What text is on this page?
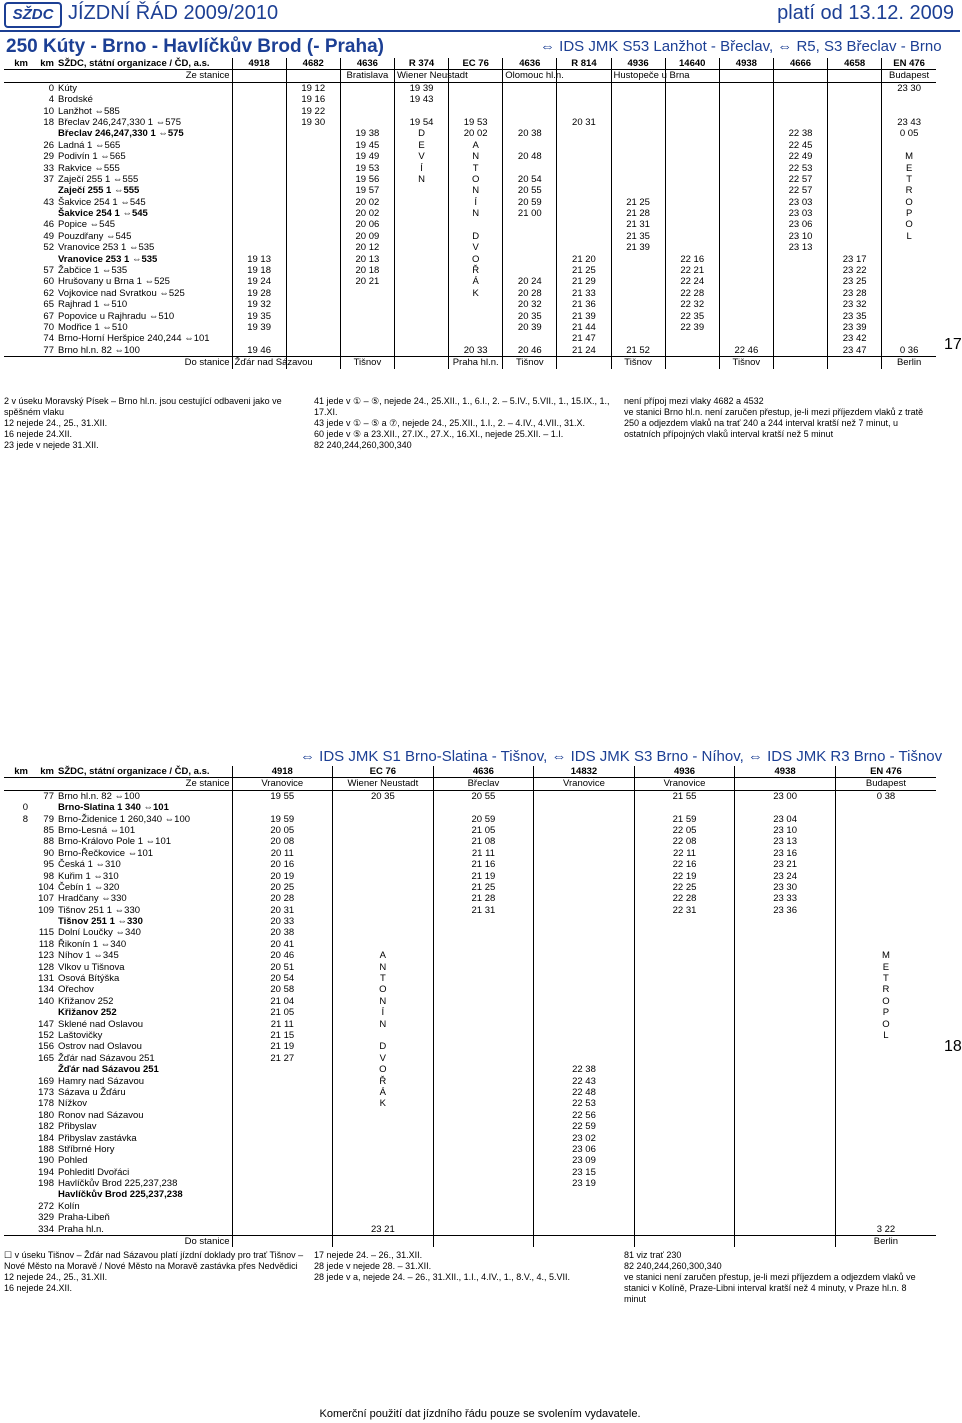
SŽDC JÍZDNÍ ŘÁD 2009/2010	platí od 13.12. 2009
250 Kúty - Brno - Havlíčkův Brod (- Praha)	⇔ IDS JMK S53 Lanžhot - Břeclav, ⇔ R5, S3 Břeclav - Brno
km	km	SŽDC, státní organizace / ČD, a.s.	4918	4682	4636	R 374	EC 76	4636	R 814	4936	14640	4938	4666	4658	EN 476
		Ze stanice			Bratislava	Wiener Neustadt		Olomouc hl.n.		Hustopeče u Brna					Budapest
	0	Kúty		19 12		19 39									23 30
	4	Brodské		19 16		19 43									
	10	Lanžhot ⇔585		19 22											
	18	Břeclav 246,247,330 1 ⇔575		19 30		19 54	19 53		20 31						23 43
		Břeclav 246,247,330 1 ⇔575			19 38	D	20 02	20 38					22 38		0 05
	26	Ladná 1 ⇔565			19 45	E	A						22 45		
	29	Podivín 1 ⇔565			19 49	V	N	20 48					22 49		M
	33	Rakvice ⇔555			19 53	Í	T						22 53		E
	37	Zaječí 255 1 ⇔555			19 56	N	O	20 54					22 57		T
		Zaječí 255 1 ⇔555			19 57		N	20 55					22 57		R
	43	Šakvice 254 1 ⇔545			20 02		Í	20 59		21 25			23 03		O
		Šakvice 254 1 ⇔545			20 02		N	21 00		21 28			23 03		P
	46	Popice ⇔545			20 06					21 31			23 06		O
	49	Pouzdřany ⇔545			20 09		D			21 35			23 10		L
	52	Vranovice 253 1 ⇔535			20 12		V			21 39			23 13		
		Vranovice 253 1 ⇔535	19 13		20 13		O		21 20		22 16			23 17	
	57	Žabčice 1 ⇔535	19 18		20 18		Ř		21 25		22 21			23 22	
	60	Hrušovany u Brna 1 ⇔525	19 24		20 21		Á	20 24	21 29		22 24			23 25	
	62	Vojkovice nad Svratkou ⇔525	19 28				K	20 28	21 33		22 28			23 28	
	65	Rajhrad 1 ⇔510	19 32					20 32	21 36		22 32			23 32	
	67	Popovice u Rajhradu ⇔510	19 35					20 35	21 39		22 35			23 35	
	70	Modřice 1 ⇔510	19 39					20 39	21 44		22 39			23 39	
	74	Brno-Horní Heršpice 240,244 ⇔101							21 47					23 42	
	77	Brno hl.n. 82 ⇔100	19 46				20 33	20 46	21 24	21 52		22 46		23 47	0 36
		Do stanice	Žďár nad Sázavou		Tišnov		Praha hl.n.	Tišnov		Tišnov		Tišnov			Berlin
2 v úseku Moravský Písek – Brno hl.n. jsou cestující odbaveni jako ve spěšném vlaku
12 nejede 24., 25., 31.XII.
16 nejede 24.XII.
23 jede v nejede 31.XII.
41 jede v ① – ⑤, nejede 24., 25.XII., 1., 6.I., 2. – 5.IV., 5.VII., 1., 15.IX., 1., 17.XI.
43 jede v ① – ⑤ a ⑦, nejede 24., 25.XII., 1.I., 2. – 4.IV., 4.VII., 31.X.
60 jede v ⑤ a 23.XII., 27.IX., 27.X., 16.XI., nejede 25.XII. – 1.I.
82 240,244,260,300,340
není přípoj mezi vlaky 4682 a 4532
ve stanici Brno hl.n. není zaručen přestup, je-li mezi příjezdem vlaků z tratě 250 a odjezdem vlaků na trať 240 a 244 interval kratší než 7 minut, u ostatních přípojných vlaků interval kratší než 5 minut
17
⇔ IDS JMK S1 Brno-Slatina - Tišnov, ⇔ IDS JMK S3 Brno - Níhov, ⇔ IDS JMK R3 Brno - Tišnov
km	km	SŽDC, státní organizace / ČD, a.s.	4918	EC 76	4636	14832	4936	4938	EN 476
		Ze stanice	Vranovice	Wiener Neustadt	Břeclav	Vranovice	Vranovice		Budapest
	77	Brno hl.n. 82 ⇔100	19 55	20 35	20 55		21 55	23 00	0 38
0		Brno-Slatina 1 340 ⇔101							
8	79	Brno-Židenice 1 260,340 ⇔100	19 59		20 59		21 59	23 04	
	85	Brno-Lesná ⇔101	20 05		21 05		22 05	23 10	
	88	Brno-Královo Pole 1 ⇔101	20 08		21 08		22 08	23 13	
	90	Brno-Řečkovice ⇔101	20 11		21 11		22 11	23 16	
	95	Česká 1 ⇔310	20 16		21 16		22 16	23 21	
	98	Kuřim 1 ⇔310	20 19		21 19		22 19	23 24	
	104	Čebín 1 ⇔320	20 25		21 25		22 25	23 30	
	107	Hradčany ⇔330	20 28		21 28		22 28	23 33	
	109	Tišnov 251 1 ⇔330	20 31		21 31		22 31	23 36	
		Tišnov 251 1 ⇔330	20 33						
	115	Dolní Loučky ⇔340	20 38						
	118	Řikonín 1 ⇔340	20 41						
	123	Níhov 1 ⇔345	20 46	A					M
	128	Vlkov u Tišnova	20 51	N					E
	131	Osová Bítýška	20 54	T					T
	134	Ořechov	20 58	O					R
	140	Křižanov 252	21 04	N					O
		Křižanov 252	21 05	Í					P
	147	Sklené nad Oslavou	21 11	N					O
	152	Laštovičky	21 15						L
	156	Ostrov nad Oslavou	21 19	D					
	165	Žďár nad Sázavou 251	21 27	V					
		Žďár nad Sázavou 251		O		22 38			
	169	Hamry nad Sázavou		Ř		22 43			
	173	Sázava u Žďáru		Á		22 48			
	178	Nížkov		K		22 53			
	180	Ronov nad Sázavou				22 56			
	182	Přibyslav				22 59			
	184	Přibyslav zastávka				23 02			
	188	Stříbrné Hory				23 06			
	190	Pohled				23 09			
	194	Pohleditl Dvořáci				23 15			
	198	Havlíčkův Brod 225,237,238				23 19			
		Havlíčkův Brod 225,237,238							
	272	Kolín							
	329	Praha-Libeň							
	334	Praha hl.n.		23 21					3 22
		Do stanice							Berlin
☐ v úseku Tišnov – Žďár nad Sázavou platí jízdní doklady pro trať Tišnov – Nové Město na Moravě / Nové Město na Moravě zastávka přes Nedvědici
12 nejede 24., 25., 31.XII.
16 nejede 24.XII.
17 nejede 24. – 26., 31.XII.
28 jede v nejede 28. – 31.XII.
28 jede v a, nejede 24. – 26., 31.XII., 1.I., 4.IV., 1., 8.V., 4., 5.VII.
81 viz trať 230
82 240,244,260,300,340
ve stanici není zaručen přestup, je-li mezi příjezdem a odjezdem vlaků ve stanici v Kolíně, Praze-Libni interval kratší než 4 minuty, v Praze hl.n. 8 minut
18
Komerční použití dat jízdního řádu pouze se svolením vydavatele.
